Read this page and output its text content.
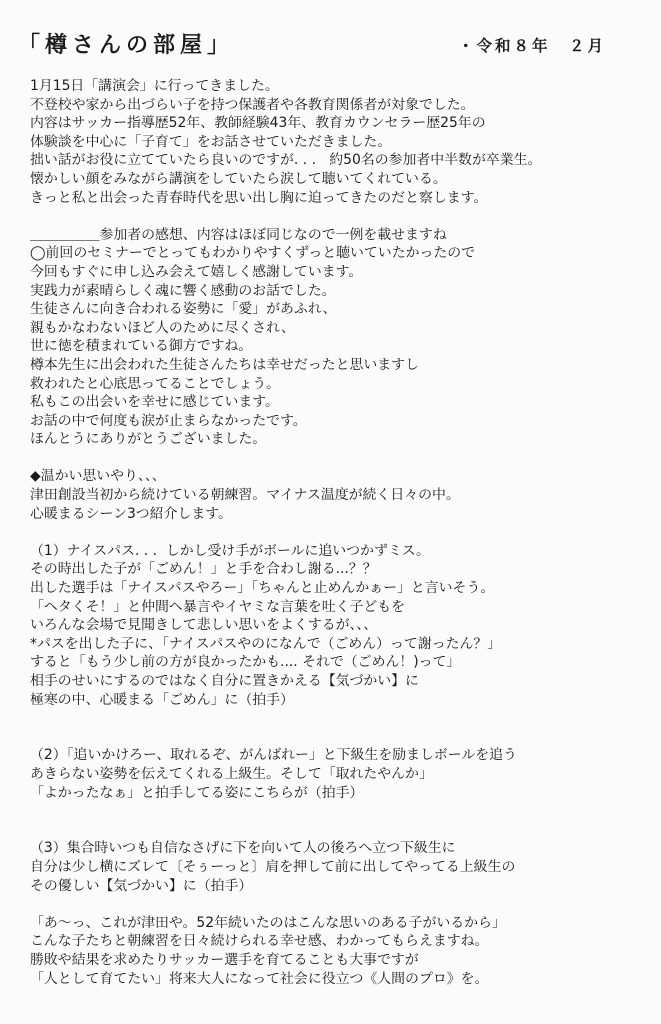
「樽さんの部屋」	・令和８年　２月
1月15日「講演会」に行ってきました。
不登校や家から出づらい子を持つ保護者や各教育関係者が対象でした。
内容はサッカー指導歴52年、教師経験43年、教育カウンセラー歴25年の
体験談を中心に「子育て」をお話させていただきました。
拙い話がお役に立てていたら良いのですが. . .   約50名の参加者中半数が卒業生。
懐かしい顔をみながら講演をしていたら涙して聴いてくれている。
きっと私と出会った青春時代を思い出し胸に迫ってきたのだと察します。
＿＿＿＿＿参加者の感想、内容はほぼ同じなので一例を載せますね
◯前回のセミナーでとってもわかりやすくずっと聴いていたかったので
今回もすぐに申し込み会えて嬉しく感謝しています。
実践力が素晴らしく魂に響く感動のお話でした。
生徒さんに向き合われる姿勢に「愛」があふれ、
親もかなわないほど人のために尽くされ、
世に徳を積まれている御方ですね。
樽本先生に出会われた生徒さんたちは幸せだったと思いますし
救われたと心底思ってることでしょう。
私もこの出会いを幸せに感じています。
お話の中で何度も涙が止まらなかったです。
ほんとうにありがとうございました。
◆温かい思いやり、、、
津田創設当初から続けている朝練習。マイナス温度が続く日々の中。
心暖まるシーン3つ紹介します。
（1）ナイスパス. . .  しかし受け手がボールに追いつかずミス。
その時出した子が「ごめん！」と手を合わし謝る...？？
出した選手は「ナイスパスやろー」「ちゃんと止めんかぁー」と言いそう。
「ヘタくそ！」と仲間へ暴言やイヤミな言葉を吐く子どもを
いろんな会場で見聞きして悲しい思いをよくするが、、、
*パスを出した子に、「ナイスパスやのになんで（ごめん）って謝ったん？」
すると「もう少し前の方が良かったかも.... それで（ごめん！)って」
相手のせいにするのではなく自分に置きかえる【気づかい】に
極寒の中、心暖まる「ごめん」に（拍手）
（2）「追いかけろー、取れるぞ、がんばれー」と下級生を励ましボールを追う
あきらない姿勢を伝えてくれる上級生。そして「取れたやんか」
「よかったなぁ」と拍手してる姿にこちらが（拍手）
（3）集合時いつも自信なさげに下を向いて人の後ろへ立つ下級生に
自分は少し横にズレて〔そぅーっと〕肩を押して前に出してやってる上級生の
その優しい【気づかい】に（拍手）
「あ〜っ、これが津田や。52年続いたのはこんな思いのある子がいるから」
こんな子たちと朝練習を日々続けられる幸せ感、わかってもらえますね。
勝敗や結果を求めたりサッカー選手を育てることも大事ですが
「人として育てたい」将来大人になって社会に役立つ《人間のプロ》を。
